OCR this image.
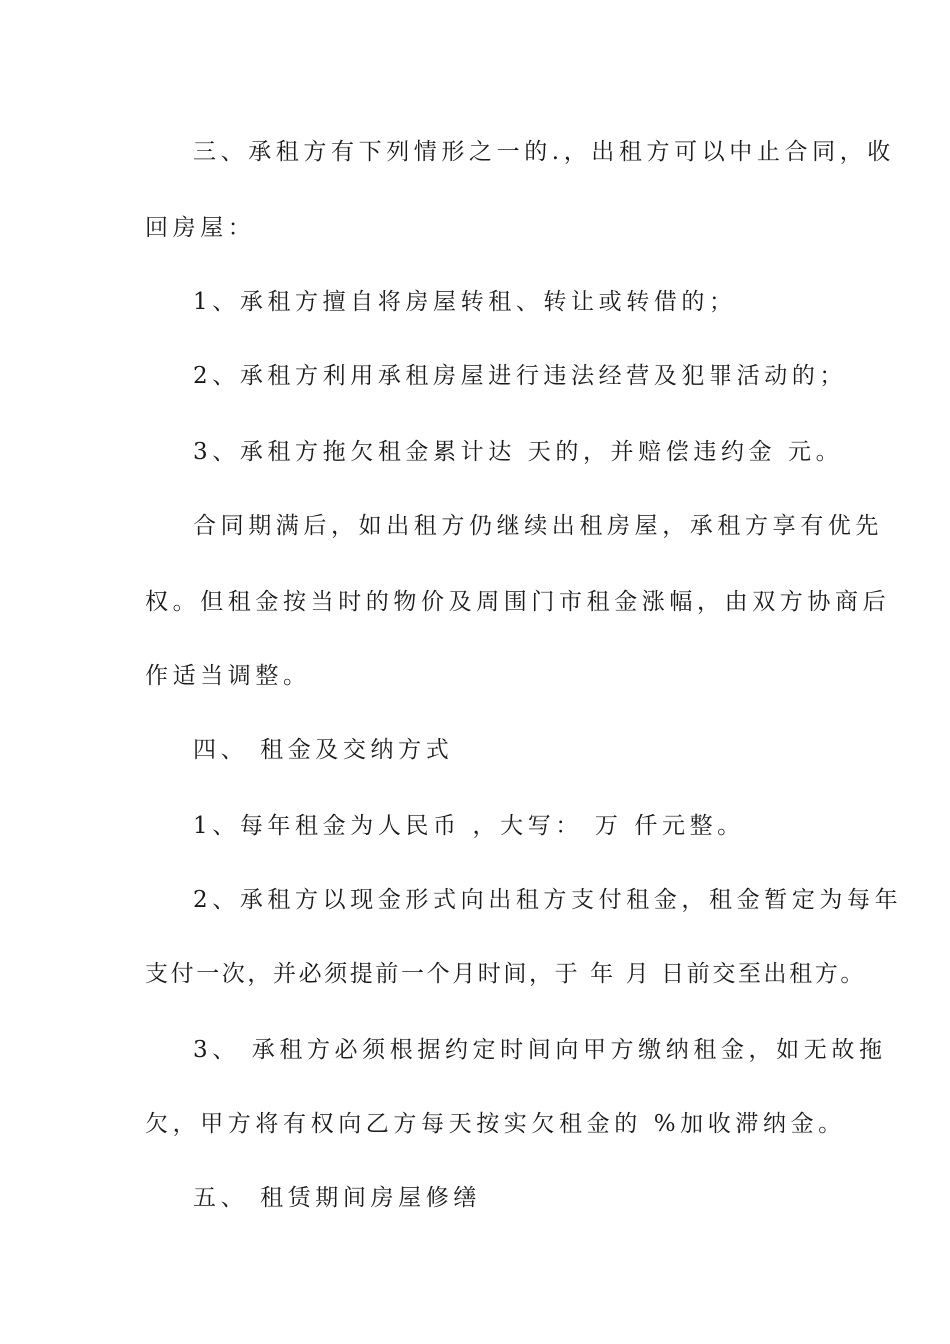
三、承租方有下列情形之一的.，出租方可以中止合同，收
回房屋：
1、承租方擅自将房屋转租、转让或转借的；
2、承租方利用承租房屋进行违法经营及犯罪活动的；
3、承租方拖欠租金累计达 天的，并赔偿违约金 元。
合同期满后，如出租方仍继续出租房屋，承租方享有优先
权。但租金按当时的物价及周围门市租金涨幅，由双方协商后
作适当调整。
四、 租金及交纳方式
1、每年租金为人民币 ，大写： 万 仟元整。
2、承租方以现金形式向出租方支付租金，租金暂定为每年
支付一次，并必须提前一个月时间，于 年 月 日前交至出租方。
3、 承租方必须根据约定时间向甲方缴纳租金，如无故拖
欠，甲方将有权向乙方每天按实欠租金的 %加收滞纳金。
五、 租赁期间房屋修缮
